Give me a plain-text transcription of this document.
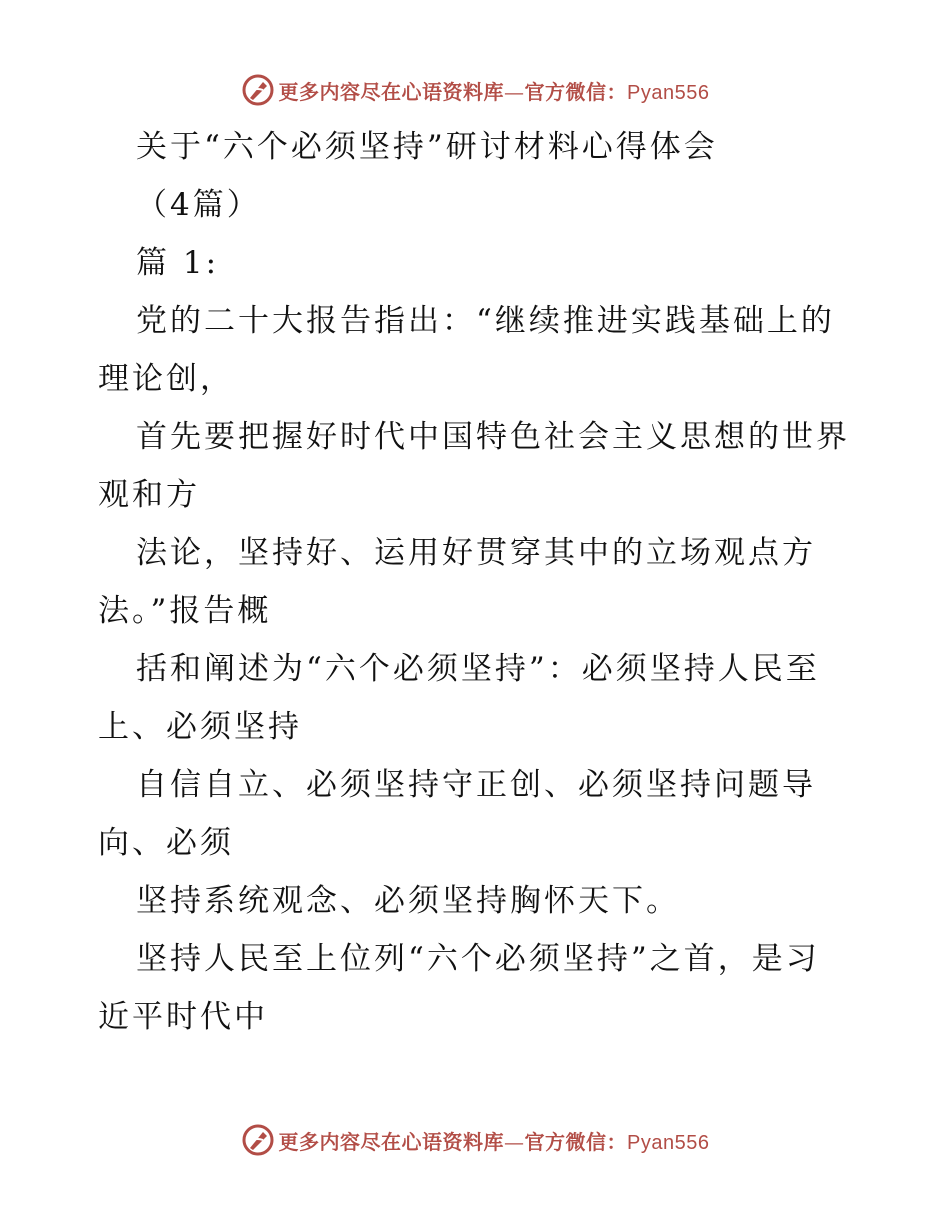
更多内容尽在心语资料库—官方微信：Pyan556

关于“六个必须坚持”研讨材料心得体会

（4篇）

篇 1:

党的二十大报告指出：“继续推进实践基础上的

理论创，

首先要把握好时代中国特色社会主义思想的世界

观和方

法论，坚持好、运用好贯穿其中的立场观点方

法。”报告概

括和阐述为“六个必须坚持”：必须坚持人民至

上、必须坚持

自信自立、必须坚持守正创、必须坚持问题导

向、必须

坚持系统观念、必须坚持胸怀天下。

坚持人民至上位列“六个必须坚持”之首，是习

近平时代中

更多内容尽在心语资料库—官方微信：Pyan556
